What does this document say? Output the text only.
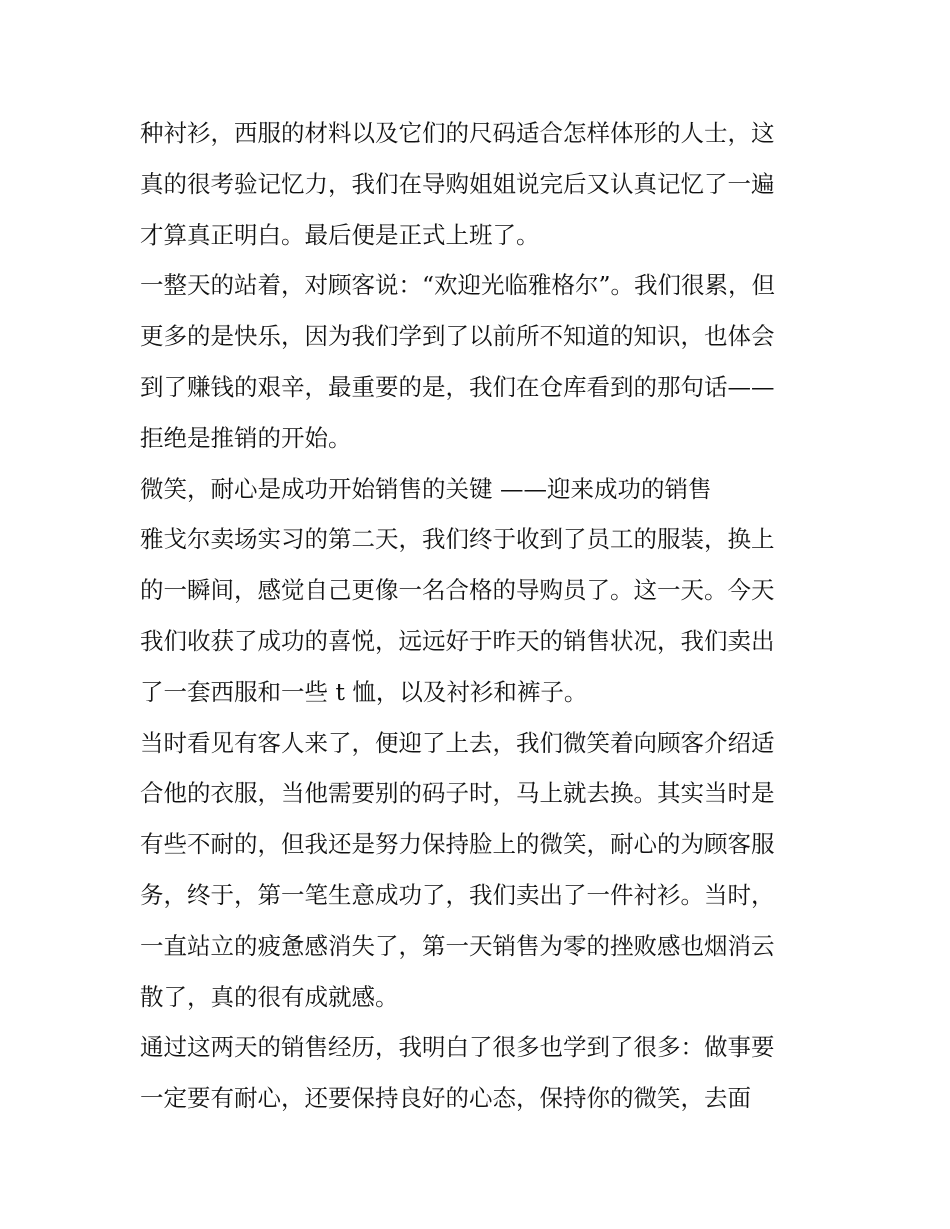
种衬衫，西服的材料以及它们的尺码适合怎样体形的人士，这
真的很考验记忆力，我们在导购姐姐说完后又认真记忆了一遍
才算真正明白。最后便是正式上班了。
一整天的站着，对顾客说：“欢迎光临雅格尔”。我们很累，但
更多的是快乐，因为我们学到了以前所不知道的知识，也体会
到了赚钱的艰辛，最重要的是，我们在仓库看到的那句话——
拒绝是推销的开始。
微笑，耐心是成功开始销售的关键 ——迎来成功的销售
雅戈尔卖场实习的第二天，我们终于收到了员工的服装，换上
的一瞬间，感觉自己更像一名合格的导购员了。这一天。今天
我们收获了成功的喜悦，远远好于昨天的销售状况，我们卖出
了一套西服和一些 t 恤，以及衬衫和裤子。
当时看见有客人来了，便迎了上去，我们微笑着向顾客介绍适
合他的衣服，当他需要别的码子时，马上就去换。其实当时是
有些不耐的，但我还是努力保持脸上的微笑，耐心的为顾客服
务，终于，第一笔生意成功了，我们卖出了一件衬衫。当时，
一直站立的疲惫感消失了，第一天销售为零的挫败感也烟消云
散了，真的很有成就感。
通过这两天的销售经历，我明白了很多也学到了很多：做事要
一定要有耐心，还要保持良好的心态，保持你的微笑，去面
